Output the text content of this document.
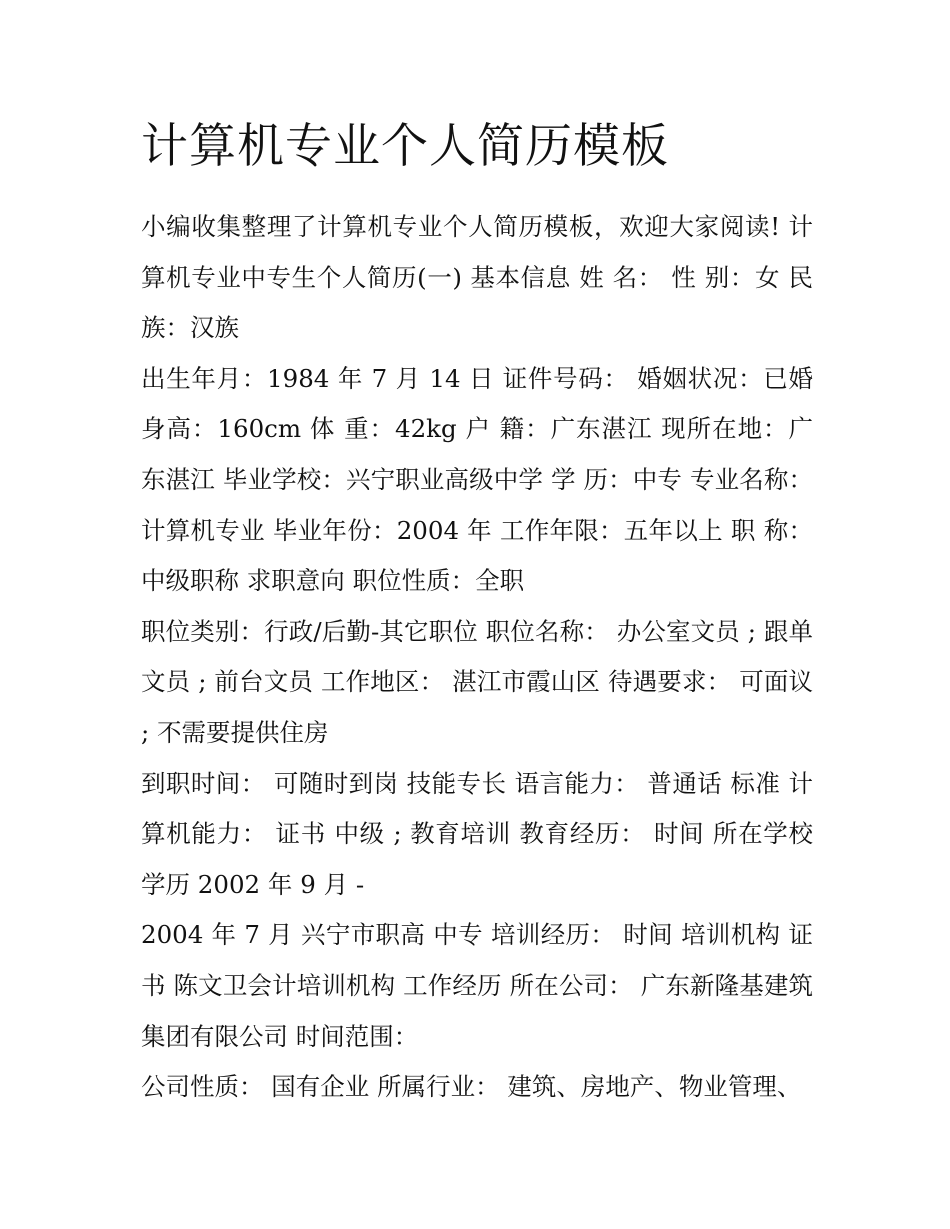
计算机专业个人简历模板

小编收集整理了计算机专业个人简历模板，欢迎大家阅读! 计算机专业中专生个人简历(一) 基本信息 姓 名： 性 别：女 民族：汉族

出生年月：1984 年 7 月 14 日 证件号码： 婚姻状况：已婚 身高：160cm 体 重：42kg 户 籍：广东湛江 现所在地：广东湛江 毕业学校：兴宁职业高级中学 学 历：中专 专业名称：计算机专业 毕业年份：2004 年 工作年限：五年以上 职 称：中级职称 求职意向 职位性质：全职

职位类别：行政/后勤-其它职位 职位名称： 办公室文员 ; 跟单文员 ; 前台文员 工作地区： 湛江市霞山区 待遇要求： 可面议 ; 不需要提供住房

到职时间： 可随时到岗 技能专长 语言能力： 普通话 标准 计算机能力： 证书 中级 ; 教育培训 教育经历： 时间 所在学校 学历 2002 年 9 月 -

2004 年 7 月 兴宁市职高 中专 培训经历： 时间 培训机构 证书 陈文卫会计培训机构 工作经历 所在公司： 广东新隆基建筑集团有限公司 时间范围：

公司性质： 国有企业 所属行业： 建筑、房地产、物业管理、
